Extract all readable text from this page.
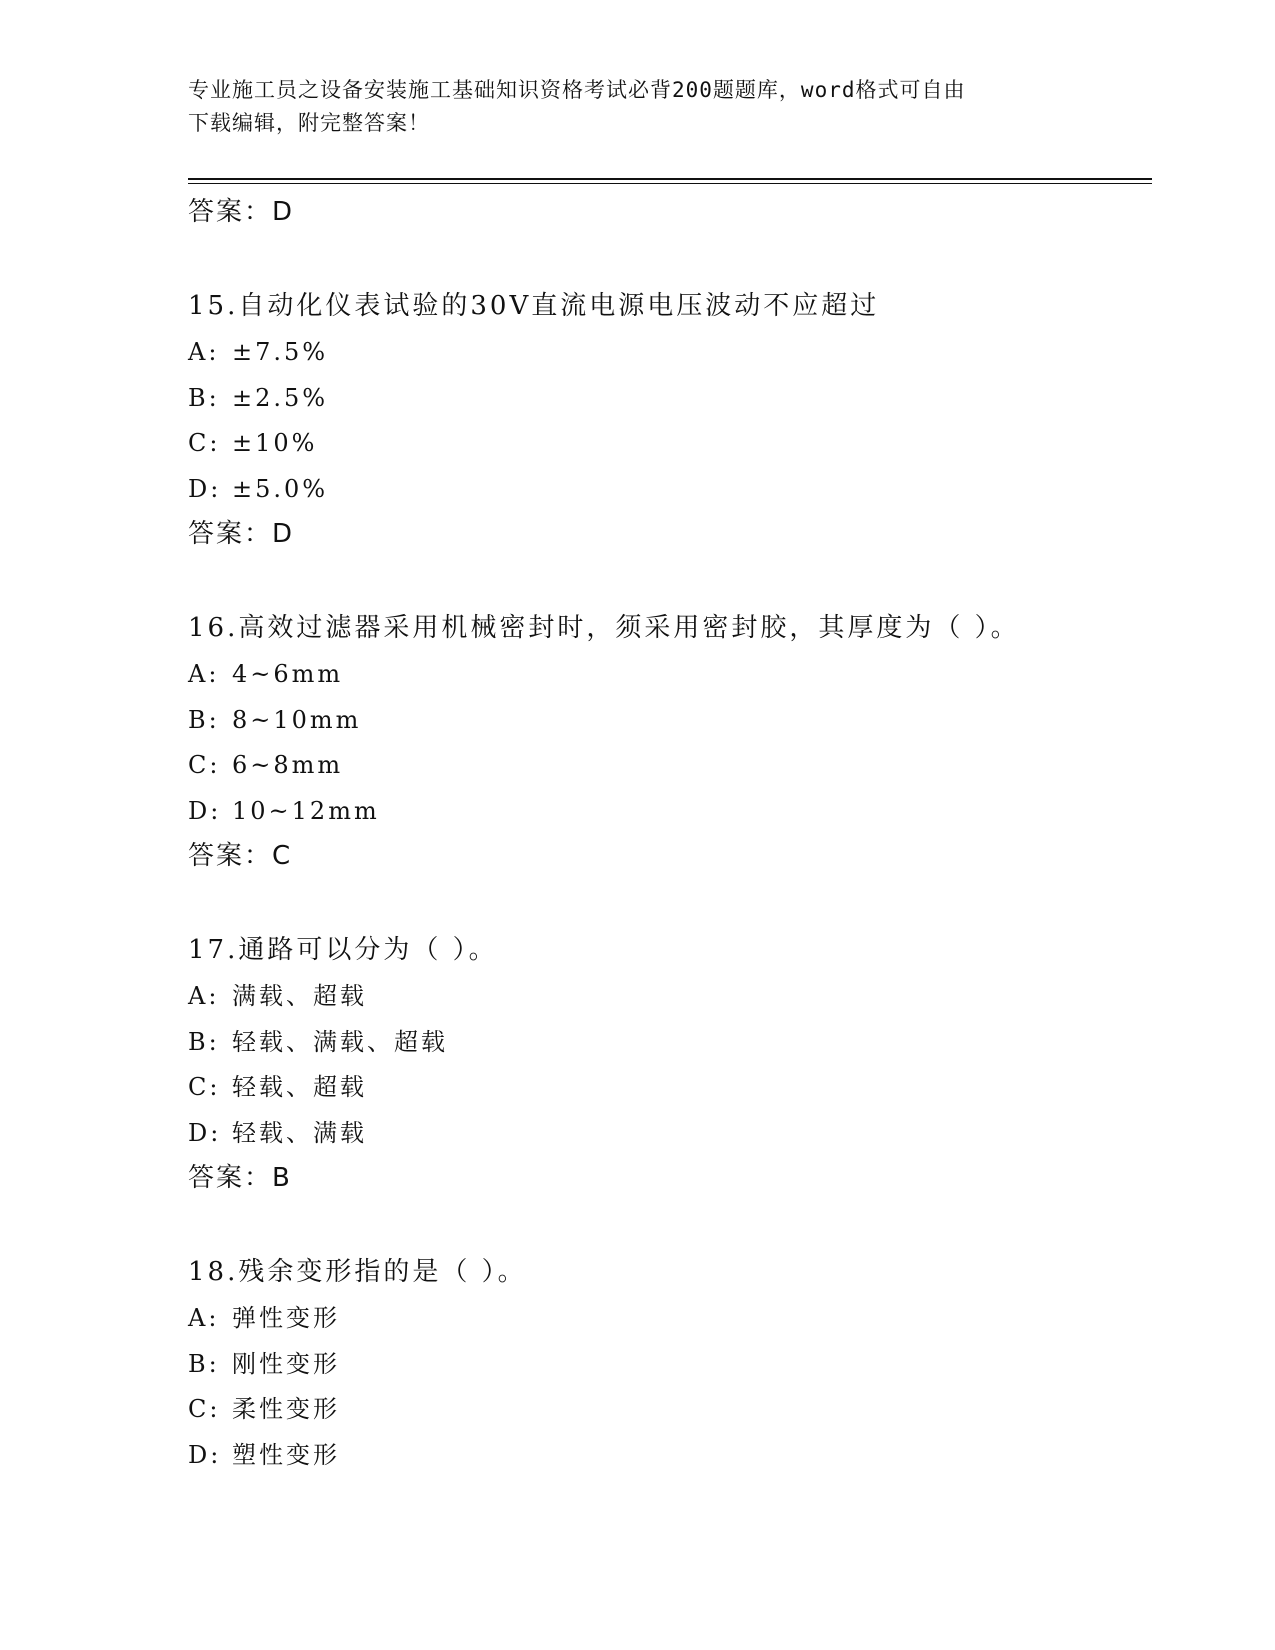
专业施工员之设备安装施工基础知识资格考试必背200题题库，word格式可自由
下载编辑，附完整答案！
答案：D
15.自动化仪表试验的30V直流电源电压波动不应超过
A: ±7.5%
B: ±2.5%
C: ±10%
D: ±5.0%
答案：D
16.高效过滤器采用机械密封时，须采用密封胶，其厚度为（ ）。
A: 4~6mm
B: 8~10mm
C: 6~8mm
D: 10~12mm
答案：C
17.通路可以分为（ ）。
A: 满载、超载
B: 轻载、满载、超载
C: 轻载、超载
D: 轻载、满载
答案：B
18.残余变形指的是（ ）。
A: 弹性变形
B: 刚性变形
C: 柔性变形
D: 塑性变形
